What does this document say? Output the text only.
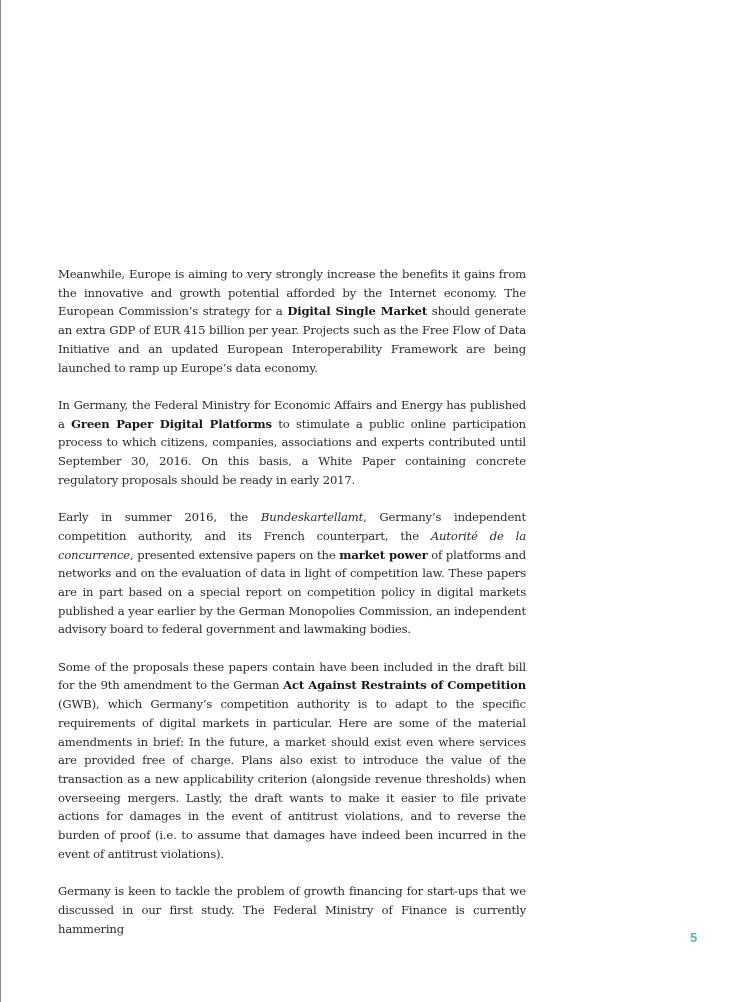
Meanwhile, Europe is aiming to very strongly increase the benefits it gains from the innovative and growth potential afforded by the Internet economy. The European Commission’s strategy for a Digital Single Market should generate an extra GDP of EUR 415 billion per year. Projects such as the Free Flow of Data Initiative and an updated European Interoperability Framework are being launched to ramp up Europe’s data economy.

In Germany, the Federal Ministry for Economic Affairs and Energy has published a Green Paper Digital Platforms to stimulate a public online participation process to which citizens, companies, associations and experts contributed until September 30, 2016. On this basis, a White Paper containing concrete regulatory proposals should be ready in early 2017.

Early in summer 2016, the Bundeskartellamt, Germany’s independent competition authority, and its French counterpart, the Autorité de la concurrence, presented extensive papers on the market power of platforms and networks and on the evaluation of data in light of competition law. These papers are in part based on a special report on competition policy in digital markets published a year earlier by the German Monopolies Commission, an independent advisory board to federal government and lawmaking bodies.

Some of the proposals these papers contain have been included in the draft bill for the 9th amendment to the German Act Against Restraints of Competition (GWB), which Germany’s competition authority is to adapt to the specific requirements of digital markets in particular. Here are some of the material amendments in brief: In the future, a market should exist even where services are provided free of charge. Plans also exist to introduce the value of the transaction as a new applicability criterion (alongside revenue thresholds) when overseeing mergers. Lastly, the draft wants to make it easier to file private actions for damages in the event of antitrust violations, and to reverse the burden of proof (i.e. to assume that damages have indeed been incurred in the event of antitrust violations).

Germany is keen to tackle the problem of growth financing for start-ups that we discussed in our first study. The Federal Ministry of Finance is currently hammering

5
